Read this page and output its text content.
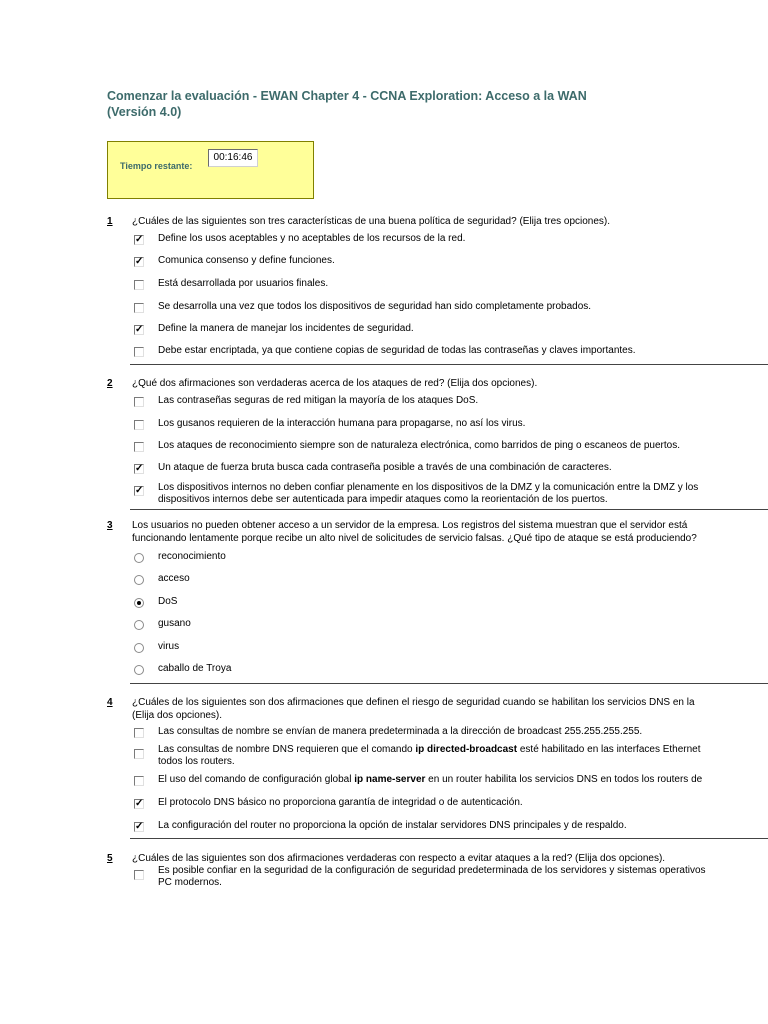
Comenzar la evaluación - EWAN Chapter 4 - CCNA Exploration: Acceso a la WAN
(Versión 4.0)
Tiempo restante:
00:16:46
1 ¿Cuáles de las siguientes son tres características de una buena política de seguridad? (Elija tres opciones).
✓ Define los usos aceptables y no aceptables de los recursos de la red.
✓ Comunica consenso y define funciones.
Está desarrollada por usuarios finales.
Se desarrolla una vez que todos los dispositivos de seguridad han sido completamente probados.
✓ Define la manera de manejar los incidentes de seguridad.
Debe estar encriptada, ya que contiene copias de seguridad de todas las contraseñas y claves importantes.
2 ¿Qué dos afirmaciones son verdaderas acerca de los ataques de red? (Elija dos opciones).
Las contraseñas seguras de red mitigan la mayoría de los ataques DoS.
Los gusanos requieren de la interacción humana para propagarse, no así los virus.
Los ataques de reconocimiento siempre son de naturaleza electrónica, como barridos de ping o escaneos de puertos.
✓ Un ataque de fuerza bruta busca cada contraseña posible a través de una combinación de caracteres.
✓ Los dispositivos internos no deben confiar plenamente en los dispositivos de la DMZ y la comunicación entre la DMZ y los
dispositivos internos debe ser autenticada para impedir ataques como la reorientación de los puertos.
3 Los usuarios no pueden obtener acceso a un servidor de la empresa. Los registros del sistema muestran que el servidor está
funcionando lentamente porque recibe un alto nivel de solicitudes de servicio falsas. ¿Qué tipo de ataque se está produciendo?
reconocimiento
acceso
DoS
gusano
virus
caballo de Troya
4 ¿Cuáles de los siguientes son dos afirmaciones que definen el riesgo de seguridad cuando se habilitan los servicios DNS en la
(Elija dos opciones).
Las consultas de nombre se envían de manera predeterminada a la dirección de broadcast 255.255.255.255.
Las consultas de nombre DNS requieren que el comando ip directed-broadcast esté habilitado en las interfaces Ethernet
todos los routers.
El uso del comando de configuración global ip name-server en un router habilita los servicios DNS en todos los routers de
✓ El protocolo DNS básico no proporciona garantía de integridad o de autenticación.
✓ La configuración del router no proporciona la opción de instalar servidores DNS principales y de respaldo.
5 ¿Cuáles de las siguientes son dos afirmaciones verdaderas con respecto a evitar ataques a la red? (Elija dos opciones).
Es posible confiar en la seguridad de la configuración de seguridad predeterminada de los servidores y sistemas operativos
PC modernos.
